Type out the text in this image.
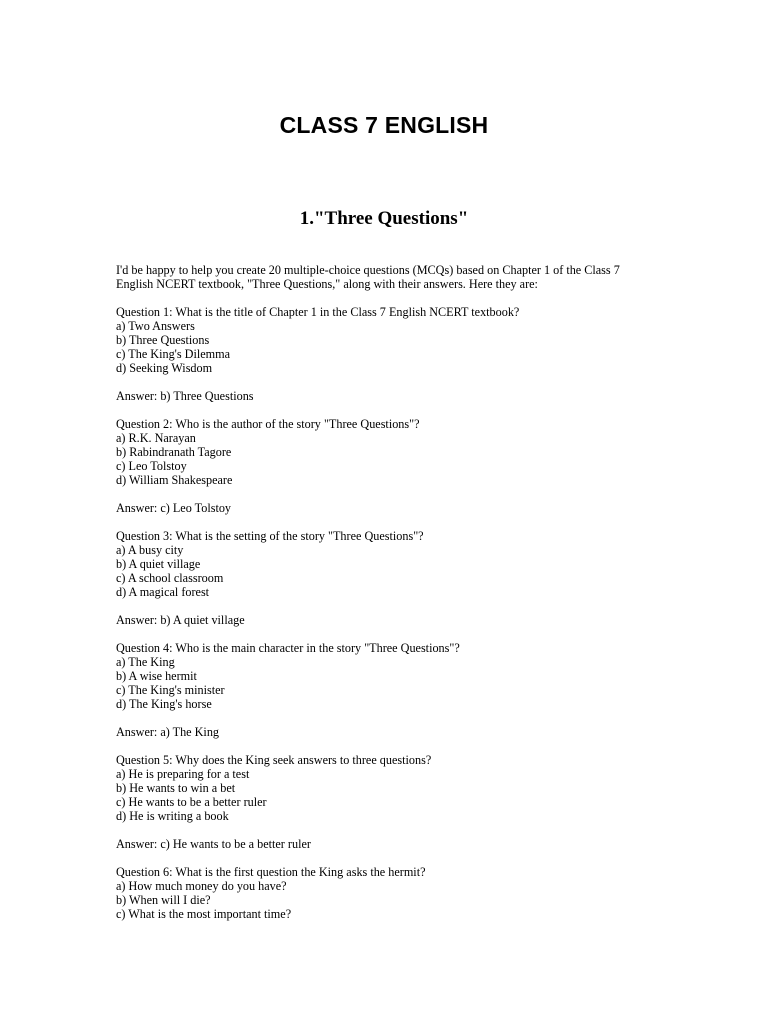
CLASS 7 ENGLISH
1."Three Questions"
I'd be happy to help you create 20 multiple-choice questions (MCQs) based on Chapter 1 of the Class 7
English NCERT textbook, "Three Questions," along with their answers. Here they are:
Question 1: What is the title of Chapter 1 in the Class 7 English NCERT textbook?
a) Two Answers
b) Three Questions
c) The King's Dilemma
d) Seeking Wisdom
Answer: b) Three Questions
Question 2: Who is the author of the story "Three Questions"?
a) R.K. Narayan
b) Rabindranath Tagore
c) Leo Tolstoy
d) William Shakespeare
Answer: c) Leo Tolstoy
Question 3: What is the setting of the story "Three Questions"?
a) A busy city
b) A quiet village
c) A school classroom
d) A magical forest
Answer: b) A quiet village
Question 4: Who is the main character in the story "Three Questions"?
a) The King
b) A wise hermit
c) The King's minister
d) The King's horse
Answer: a) The King
Question 5: Why does the King seek answers to three questions?
a) He is preparing for a test
b) He wants to win a bet
c) He wants to be a better ruler
d) He is writing a book
Answer: c) He wants to be a better ruler
Question 6: What is the first question the King asks the hermit?
a) How much money do you have?
b) When will I die?
c) What is the most important time?
